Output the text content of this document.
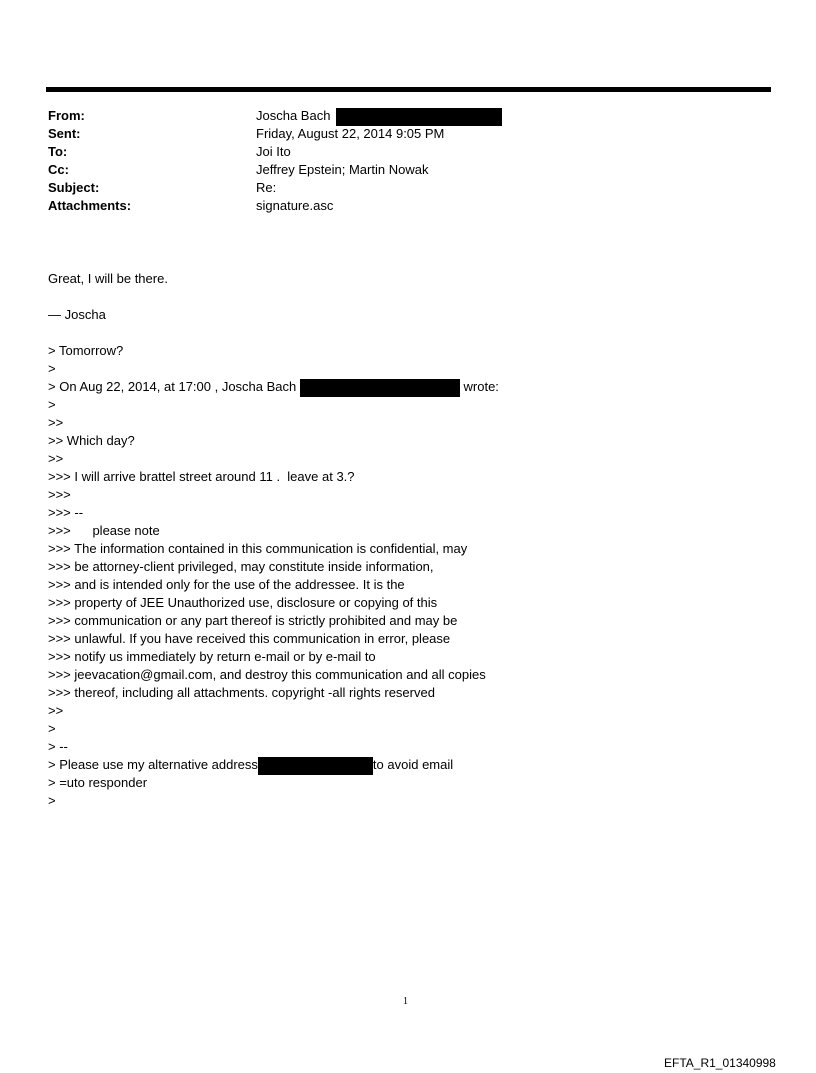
From:	Joscha Bach
Sent:	Friday, August 22, 2014 9:05 PM
To:	Joi Ito
Cc:	Jeffrey Epstein; Martin Nowak
Subject:	Re:
Attachments:	signature.asc
Great, I will be there.
— Joscha
> Tomorrow?
>
> On Aug 22, 2014, at 17:00 , Joscha Bach	wrote:
>
>>
>> Which day?
>>
>>> I will arrive brattel street around 11 .  leave at 3.?
>>>
>>> --
>>>      please note
>>> The information contained in this communication is confidential, may
>>> be attorney-client privileged, may constitute inside information,
>>> and is intended only for the use of the addressee. It is the
>>> property of JEE Unauthorized use, disclosure or copying of this
>>> communication or any part thereof is strictly prohibited and may be
>>> unlawful. If you have received this communication in error, please
>>> notify us immediately by return e-mail or by e-mail to
>>> jeevacation@gmail.com, and destroy this communication and all copies
>>> thereof, including all attachments. copyright -all rights reserved
>>
>
> --
> Please use my alternative address	to avoid email
> =uto responder
>
1
EFTA_R1_01340998
